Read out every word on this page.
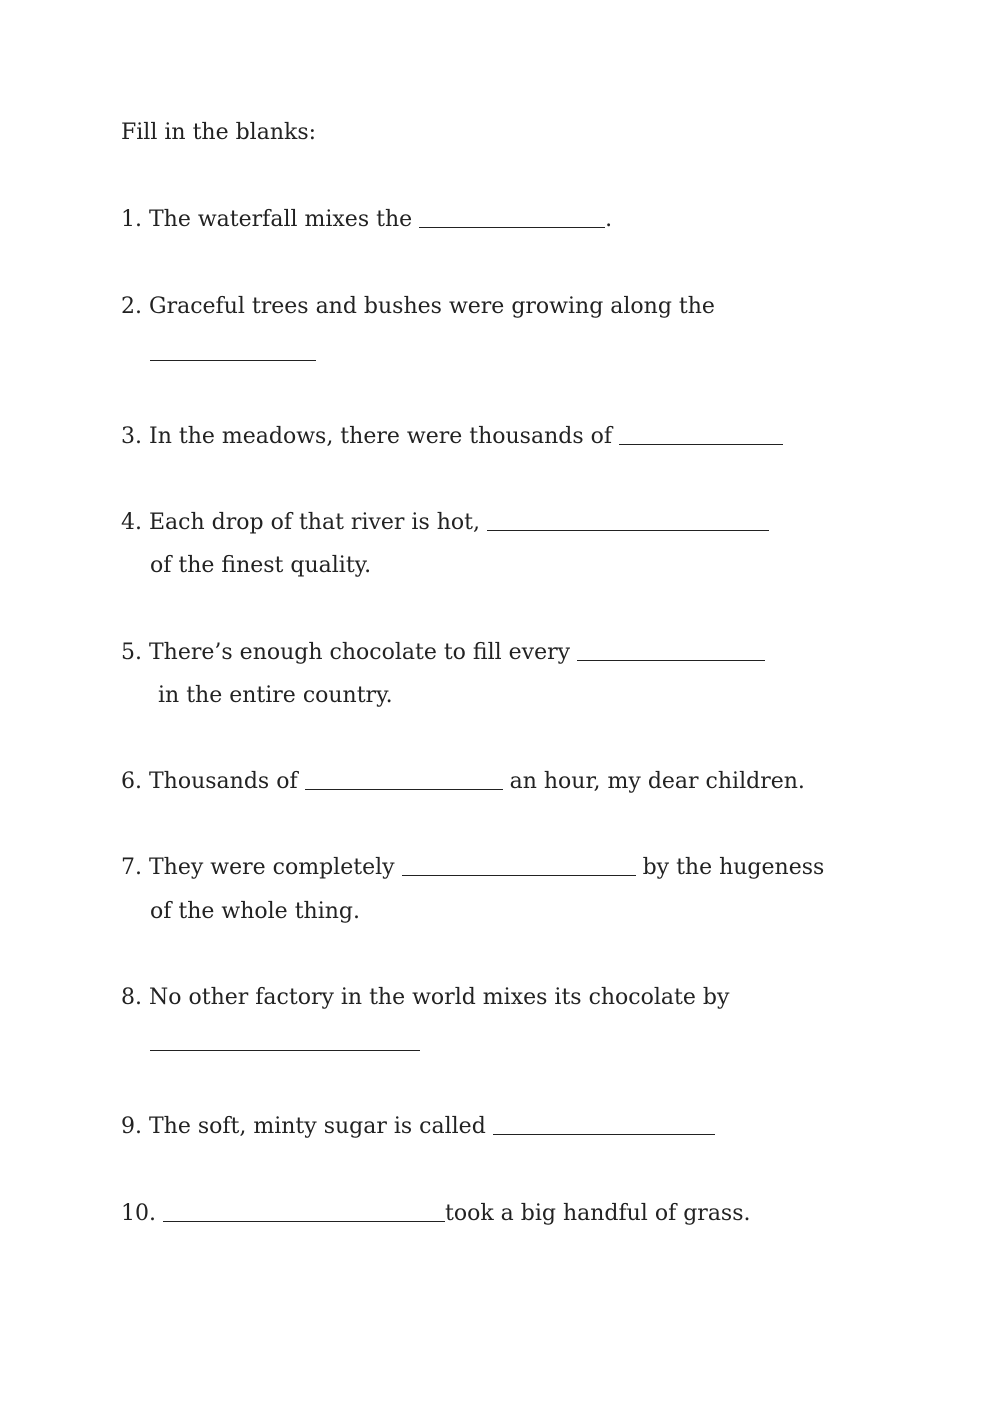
Fill in the blanks:
1. The waterfall mixes the	.
2. Graceful trees and bushes were growing along the
3. In the meadows, there were thousands of
4. Each drop of that river is hot,
of the finest quality.
5. There’s enough chocolate to fill every
in the entire country.
6. Thousands of	an hour, my dear children.
7. They were completely	by the hugeness
of the whole thing.
8. No other factory in the world mixes its chocolate by
9. The soft, minty sugar is called
10.	took a big handful of grass.
